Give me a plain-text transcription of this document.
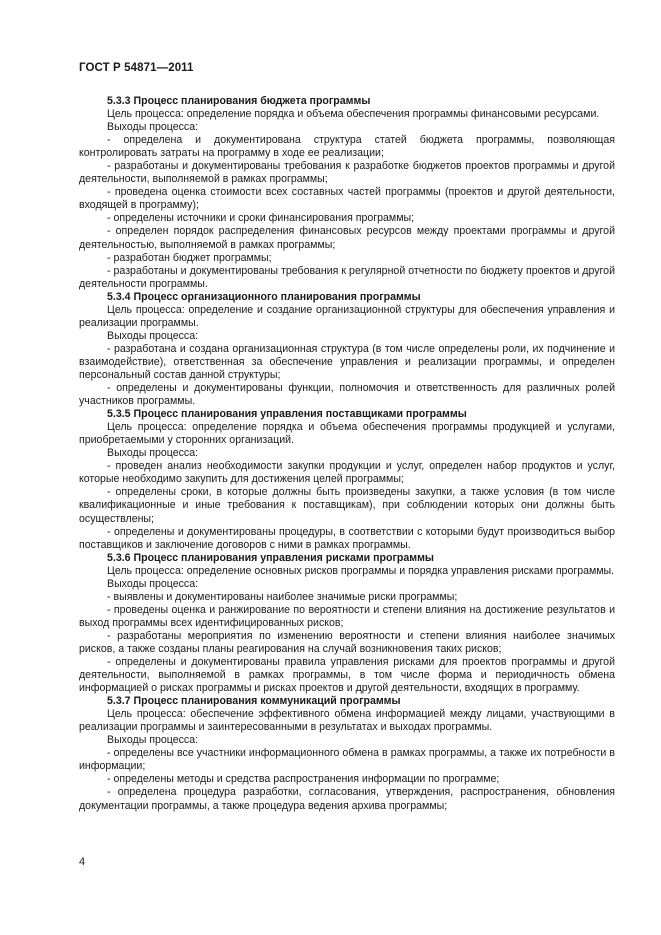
ГОСТ Р 54871—2011

5.3.3 Процесс планирования бюджета программы

Цель процесса: определение порядка и объема обеспечения программы финансовыми ресурсами.

Выходы процесса:

- определена и документирована структура статей бюджета программы, позволяющая контролировать затраты на программу в ходе ее реализации;

- разработаны и документированы требования к разработке бюджетов проектов программы и другой деятельности, выполняемой в рамках программы;

- проведена оценка стоимости всех составных частей программы (проектов и другой деятельности, входящей в программу);

- определены источники и сроки финансирования программы;

- определен порядок распределения финансовых ресурсов между проектами программы и другой деятельностью, выполняемой в рамках программы;

- разработан бюджет программы;

- разработаны и документированы требования к регулярной отчетности по бюджету проектов и другой деятельности программы.

5.3.4 Процесс организационного планирования программы

Цель процесса: определение и создание организационной структуры для обеспечения управления и реализации программы.

Выходы процесса:

- разработана и создана организационная структура (в том числе определены роли, их подчинение и взаимодействие), ответственная за обеспечение управления и реализации программы, и определен персональный состав данной структуры;

- определены и документированы функции, полномочия и ответственность для различных ролей участников программы.

5.3.5 Процесс планирования управления поставщиками программы

Цель процесса: определение порядка и объема обеспечения программы продукцией и услугами, приобретаемыми у сторонних организаций.

Выходы процесса:

- проведен анализ необходимости закупки продукции и услуг, определен набор продуктов и услуг, которые необходимо закупить для достижения целей программы;

- определены сроки, в которые должны быть произведены закупки, а также условия (в том числе квалификационные и иные требования к поставщикам), при соблюдении которых они должны быть осуществлены;

- определены и документированы процедуры, в соответствии с которыми будут производиться выбор поставщиков и заключение договоров с ними в рамках программы.

5.3.6 Процесс планирования управления рисками программы

Цель процесса: определение основных рисков программы и порядка управления рисками программы.

Выходы процесса:

- выявлены и документированы наиболее значимые риски программы;

- проведены оценка и ранжирование по вероятности и степени влияния на достижение результатов и выход программы всех идентифицированных рисков;

- разработаны мероприятия по изменению вероятности и степени влияния наиболее значимых рисков, а также созданы планы реагирования на случай возникновения таких рисков;

- определены и документированы правила управления рисками для проектов программы и другой деятельности, выполняемой в рамках программы, в том числе форма и периодичность обмена информацией о рисках программы и рисках проектов и другой деятельности, входящих в программу.

5.3.7 Процесс планирования коммуникаций программы

Цель процесса: обеспечение эффективного обмена информацией между лицами, участвующими в реализации программы и заинтересованными в результатах и выходах программы.

Выходы процесса:

- определены все участники информационного обмена в рамках программы, а также их потребности в информации;

- определены методы и средства распространения информации по программе;

- определена процедура разработки, согласования, утверждения, распространения, обновления документации программы, а также процедура ведения архива программы;

4
